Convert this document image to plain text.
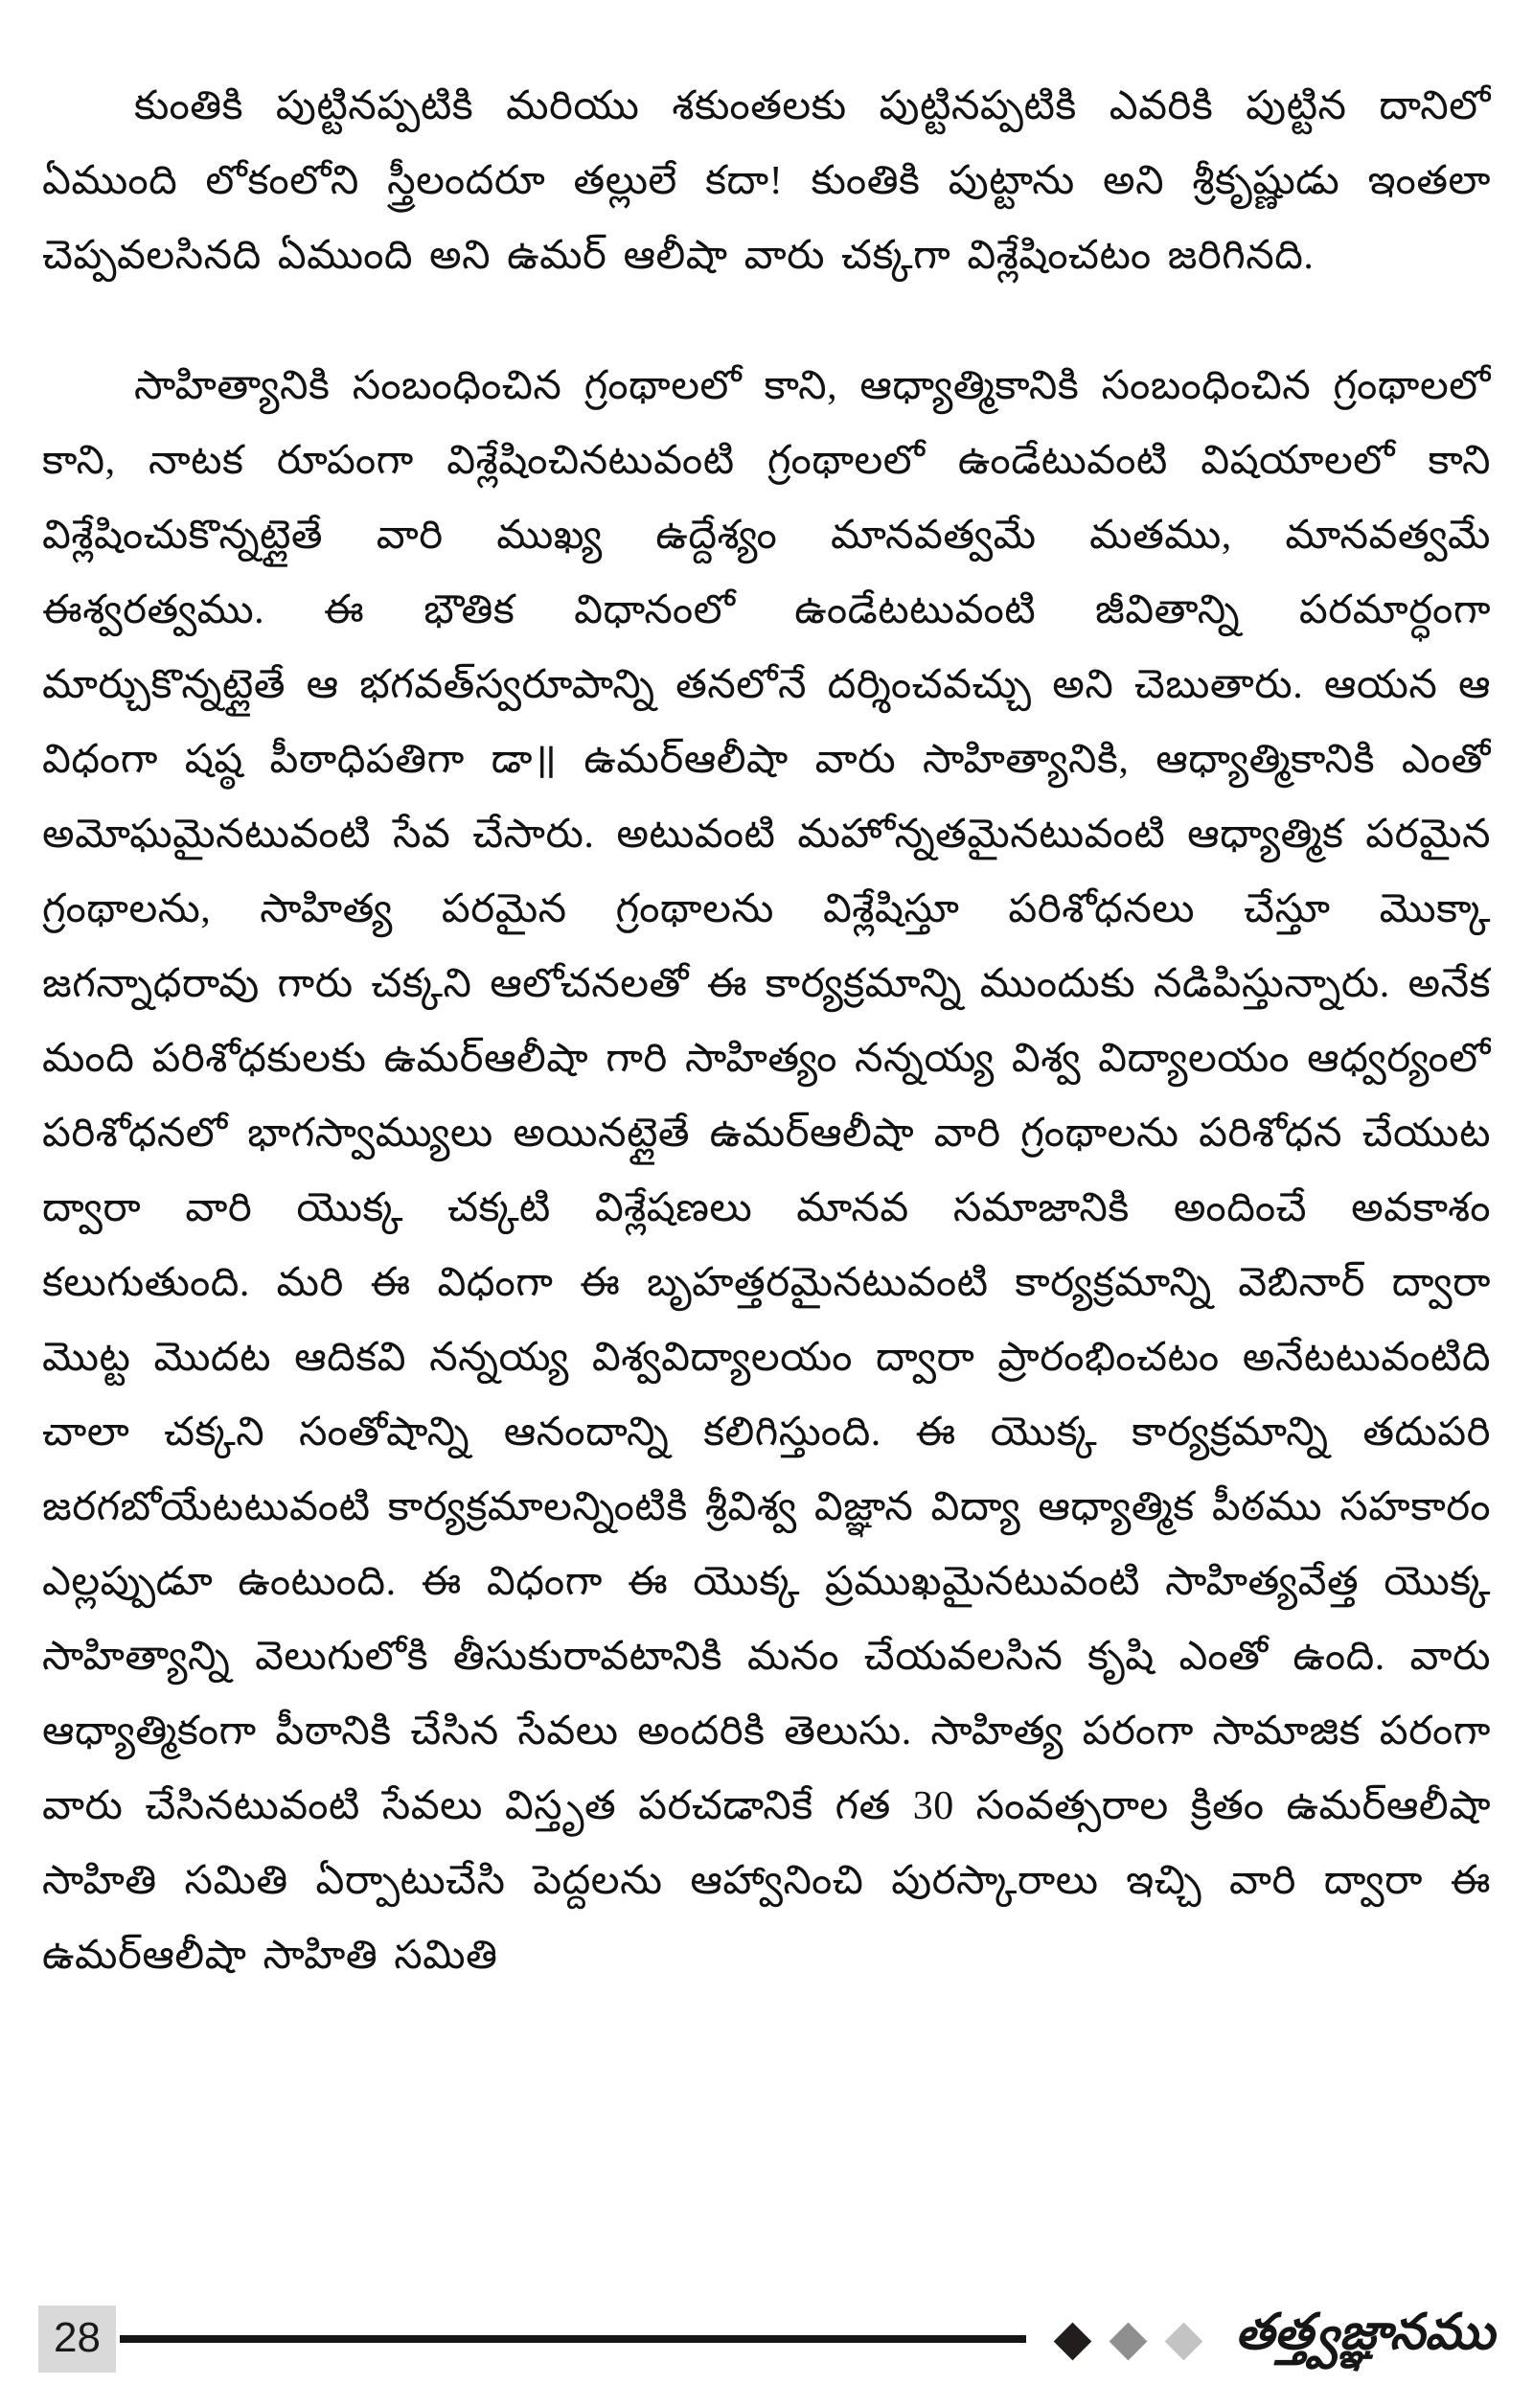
కుంతికి పుట్టినప్పటికి మరియు శకుంతలకు పుట్టినప్పటికి ఎవరికి పుట్టిన దానిలో ఏముంది లోకంలోని స్త్రీలందరూ తల్లులే కదా! కుంతికి పుట్టాను అని శ్రీకృష్ణుడు ఇంతలా చెప్పవలసినది ఏముంది అని ఉమర్ ఆలీషా వారు చక్కగా విశ్లేషించటం జరిగినది.

సాహిత్యానికి సంబంధించిన గ్రంథాలలో కాని, ఆధ్యాత్మికానికి సంబంధించిన గ్రంథాలలో కాని, నాటక రూపంగా విశ్లేషించినటువంటి గ్రంథాలలో ఉండేటువంటి విషయాలలో కాని విశ్లేషించుకొన్నట్లైతే వారి ముఖ్య ఉద్దేశ్యం మానవత్వమే మతము, మానవత్వమే ఈశ్వరత్వము. ఈ భౌతిక విధానంలో ఉండేటటువంటి జీవితాన్ని పరమార్ధంగా మార్చుకొన్నట్లైతే ఆ భగవత్‌స్వరూపాన్ని తనలోనే దర్శించవచ్చు అని చెబుతారు. ఆయన ఆ విధంగా షష్ఠ పీఠాధిపతిగా డా॥ ఉమర్‌ఆలీషా వారు సాహిత్యానికి, ఆధ్యాత్మికానికి ఎంతో అమోఘమైనటువంటి సేవ చేసారు. అటువంటి మహోన్నతమైనటువంటి ఆధ్యాత్మిక పరమైన గ్రంథాలను, సాహిత్య పరమైన గ్రంథాలను విశ్లేషిస్తూ పరిశోధనలు చేస్తూ మొక్కా జగన్నాధరావు గారు చక్కని ఆలోచనలతో ఈ కార్యక్రమాన్ని ముందుకు నడిపిస్తున్నారు. అనేక మంది పరిశోధకులకు ఉమర్‌ఆలీషా గారి సాహిత్యం నన్నయ్య విశ్వ విద్యాలయం ఆధ్వర్యంలో పరిశోధనలో భాగస్వామ్యులు అయినట్లైతే ఉమర్‌ఆలీషా వారి గ్రంథాలను పరిశోధన చేయుట ద్వారా వారి యొక్క చక్కటి విశ్లేషణలు మానవ సమాజానికి అందించే అవకాశం కలుగుతుంది. మరి ఈ విధంగా ఈ బృహత్తరమైనటువంటి కార్యక్రమాన్ని వెబినార్ ద్వారా మొట్ట మొదట ఆదికవి నన్నయ్య విశ్వవిద్యాలయం ద్వారా ప్రారంభించటం అనేటటువంటిది చాలా చక్కని సంతోషాన్ని ఆనందాన్ని కలిగిస్తుంది. ఈ యొక్క కార్యక్రమాన్ని తదుపరి జరగబోయేటటువంటి కార్యక్రమాలన్నింటికి శ్రీవిశ్వ విజ్ఞాన విద్యా ఆధ్యాత్మిక పీఠము సహకారం ఎల్లప్పుడూ ఉంటుంది. ఈ విధంగా ఈ యొక్క ప్రముఖమైనటువంటి సాహిత్యవేత్త యొక్క సాహిత్యాన్ని వెలుగులోకి తీసుకురావటానికి మనం చేయవలసిన కృషి ఎంతో ఉంది. వారు ఆధ్యాత్మికంగా పీఠానికి చేసిన సేవలు అందరికి తెలుసు. సాహిత్య పరంగా సామాజిక పరంగా వారు చేసినటువంటి సేవలు విస్తృత పరచడానికే గత 30 సంవత్సరాల క్రితం ఉమర్‌ఆలీషా సాహితి సమితి ఏర్పాటుచేసి పెద్దలను ఆహ్వానించి పురస్కారాలు ఇచ్చి వారి ద్వారా ఈ ఉమర్‌ఆలీషా సాహితి సమితి

28	◆ ◆ ◆ తత్త్వజ్ఞానము
